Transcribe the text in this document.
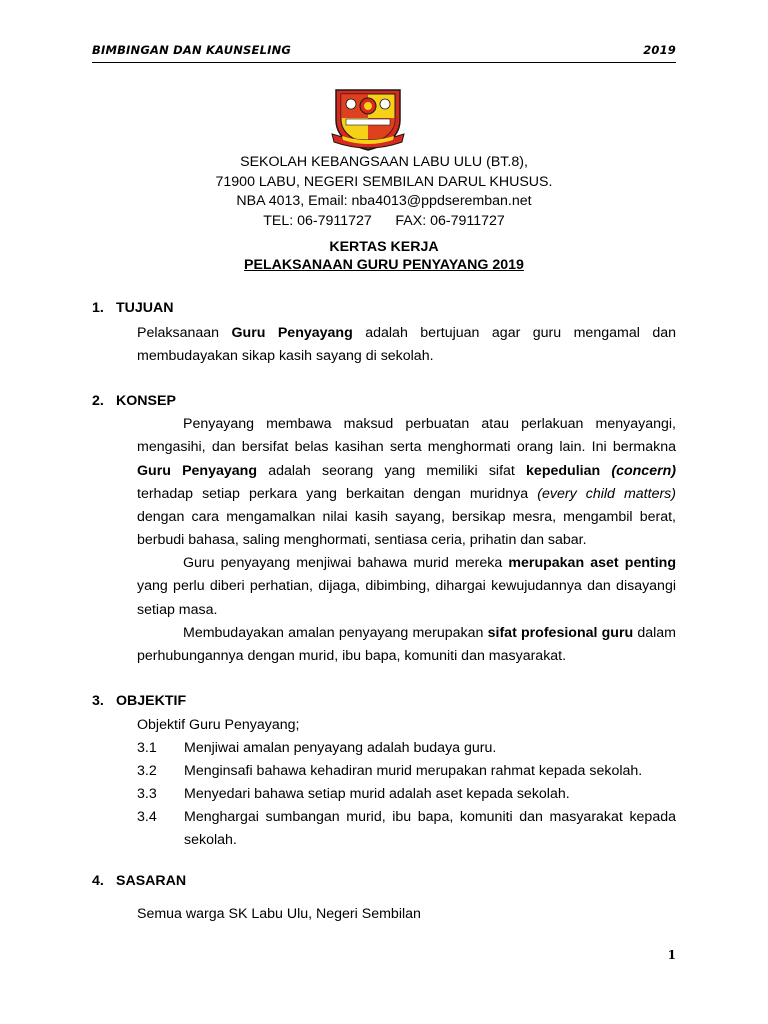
BIMBINGAN DAN KAUNSELING	2019
SEKOLAH KEBANGSAAN LABU ULU (BT.8),
71900 LABU, NEGERI SEMBILAN DARUL KHUSUS.
NBA 4013, Email: nba4013@ppdseremban.net
TEL: 06-7911727      FAX: 06-7911727
KERTAS KERJA
PELAKSANAAN GURU PENYAYANG 2019
1. TUJUAN
Pelaksanaan Guru Penyayang adalah bertujuan agar guru mengamal dan membudayakan sikap kasih sayang di sekolah.
2. KONSEP
Penyayang membawa maksud perbuatan atau perlakuan menyayangi, mengasihi, dan bersifat belas kasihan serta menghormati orang lain. Ini bermakna Guru Penyayang adalah seorang yang memiliki sifat kepedulian (concern) terhadap setiap perkara yang berkaitan dengan muridnya (every child matters) dengan cara mengamalkan nilai kasih sayang, bersikap mesra, mengambil berat, berbudi bahasa, saling menghormati, sentiasa ceria, prihatin dan sabar.
Guru penyayang menjiwai bahawa murid mereka merupakan aset penting yang perlu diberi perhatian, dijaga, dibimbing, dihargai kewujudannya dan disayangi setiap masa.
Membudayakan amalan penyayang merupakan sifat profesional guru dalam perhubungannya dengan murid, ibu bapa, komuniti dan masyarakat.
3. OBJEKTIF
Objektif Guru Penyayang;
3.1 Menjiwai amalan penyayang adalah budaya guru.
3.2 Menginsafi bahawa kehadiran murid merupakan rahmat kepada sekolah.
3.3 Menyedari bahawa setiap murid adalah aset kepada sekolah.
3.4 Menghargai sumbangan murid, ibu bapa, komuniti dan masyarakat kepada sekolah.
4. SASARAN
Semua warga SK Labu Ulu, Negeri Sembilan
1
